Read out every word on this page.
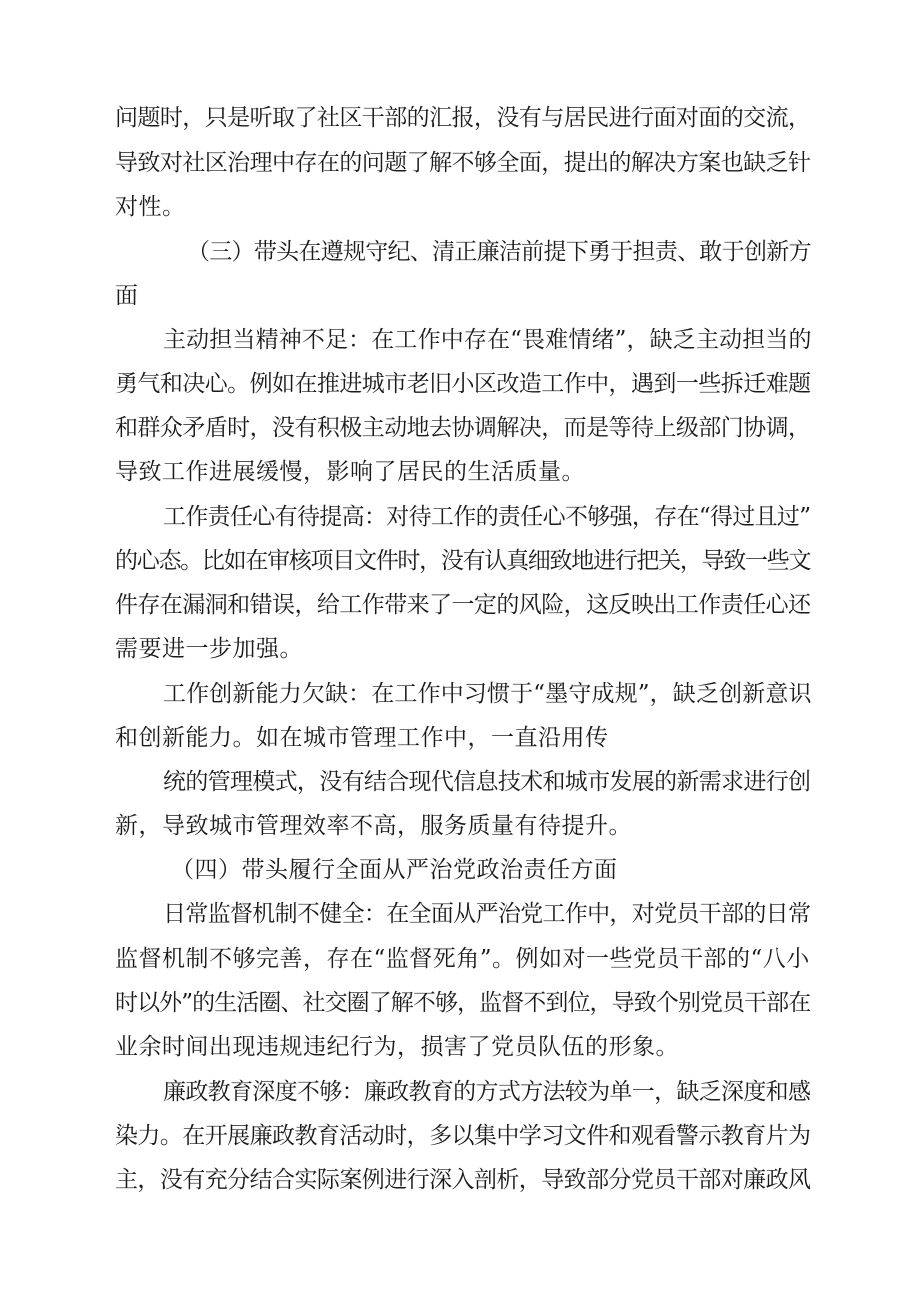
问题时，只是听取了社区干部的汇报，没有与居民进行面对面的交流，
导致对社区治理中存在的问题了解不够全面，提出的解决方案也缺乏针
对性。
（三）带头在遵规守纪、清正廉洁前提下勇于担责、敢于创新方
面
主动担当精神不足：在工作中存在“畏难情绪”，缺乏主动担当的
勇气和决心。例如在推进城市老旧小区改造工作中，遇到一些拆迁难题
和群众矛盾时，没有积极主动地去协调解决，而是等待上级部门协调，
导致工作进展缓慢，影响了居民的生活质量。
工作责任心有待提高：对待工作的责任心不够强，存在“得过且过”
的心态。比如在审核项目文件时，没有认真细致地进行把关，导致一些文
件存在漏洞和错误，给工作带来了一定的风险，这反映出工作责任心还
需要进一步加强。
工作创新能力欠缺：在工作中习惯于“墨守成规”，缺乏创新意识
和创新能力。如在城市管理工作中，一直沿用传
统的管理模式，没有结合现代信息技术和城市发展的新需求进行创
新，导致城市管理效率不高，服务质量有待提升。
（四）带头履行全面从严治党政治责任方面
日常监督机制不健全：在全面从严治党工作中，对党员干部的日常
监督机制不够完善，存在“监督死角”。例如对一些党员干部的“八小
时以外”的生活圈、社交圈了解不够，监督不到位，导致个别党员干部在
业余时间出现违规违纪行为，损害了党员队伍的形象。
廉政教育深度不够：廉政教育的方式方法较为单一，缺乏深度和感
染力。在开展廉政教育活动时，多以集中学习文件和观看警示教育片为
主，没有充分结合实际案例进行深入剖析，导致部分党员干部对廉政风
